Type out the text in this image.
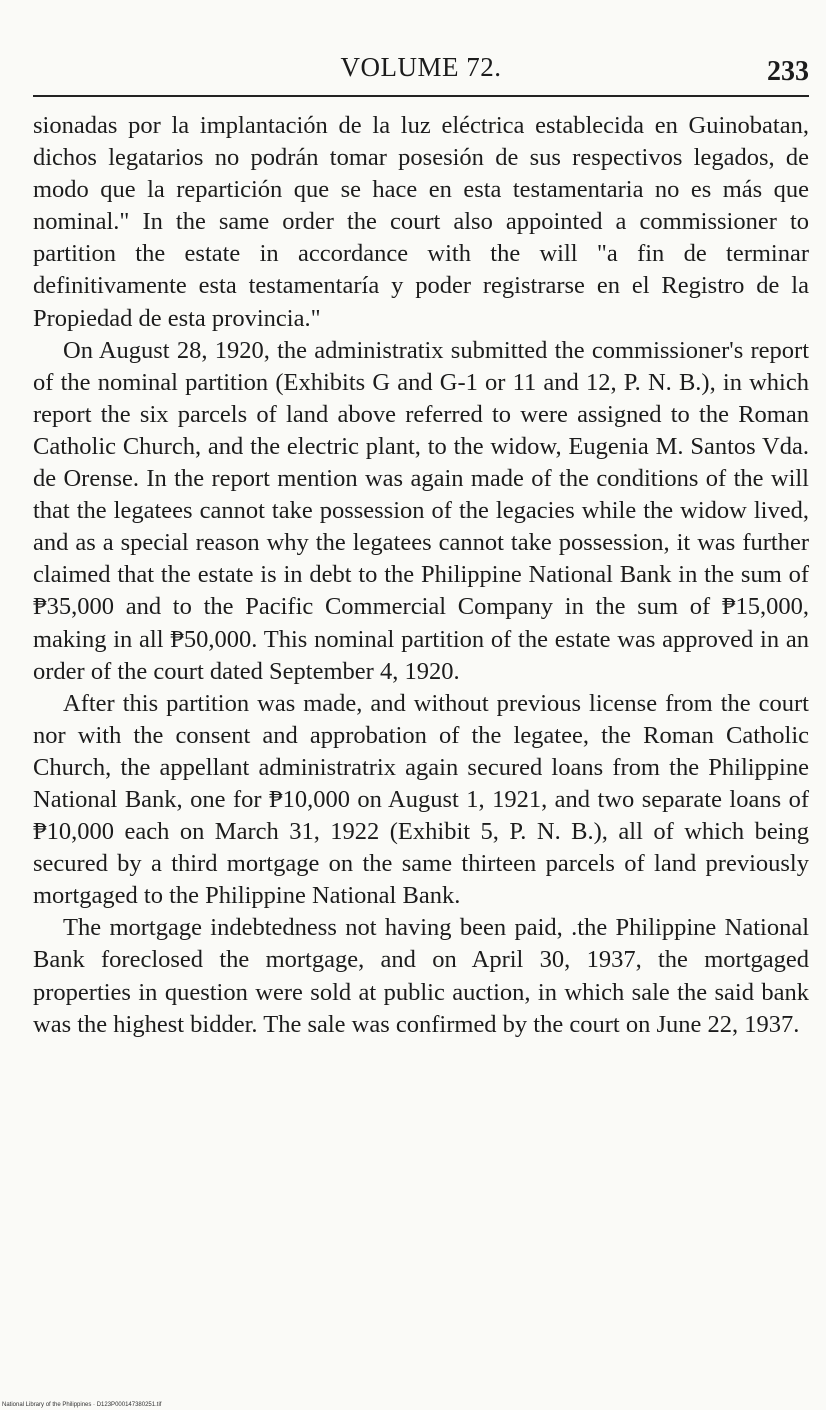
VOLUME 72.	233

sionadas por la implantación de la luz eléctrica establecida en Guinobatan, dichos legatarios no podrán tomar posesión de sus respectivos legados, de modo que la repartición que se hace en esta testamentaria no es más que nominal." In the same order the court also appointed a commissioner to partition the estate in accordance with the will "a fin de terminar definitivamente esta testamentaría y poder registrarse en el Registro de la Propiedad de esta provincia."

On August 28, 1920, the administratix submitted the commissioner's report of the nominal partition (Exhibits G and G-1 or 11 and 12, P. N. B.), in which report the six parcels of land above referred to were assigned to the Roman Catholic Church, and the electric plant, to the widow, Eugenia M. Santos Vda. de Orense. In the report mention was again made of the conditions of the will that the legatees cannot take possession of the legacies while the widow lived, and as a special reason why the legatees cannot take possession, it was further claimed that the estate is in debt to the Philippine National Bank in the sum of ₱35,000 and to the Pacific Commercial Company in the sum of ₱15,000, making in all ₱50,000. This nominal partition of the estate was approved in an order of the court dated September 4, 1920.

After this partition was made, and without previous license from the court nor with the consent and approbation of the legatee, the Roman Catholic Church, the appellant administratrix again secured loans from the Philippine National Bank, one for ₱10,000 on August 1, 1921, and two separate loans of ₱10,000 each on March 31, 1922 (Exhibit 5, P. N. B.), all of which being secured by a third mortgage on the same thirteen parcels of land previously mortgaged to the Philippine National Bank.

The mortgage indebtedness not having been paid, .the Philippine National Bank foreclosed the mortgage, and on April 30, 1937, the mortgaged properties in question were sold at public auction, in which sale the said bank was the highest bidder. The sale was confirmed by the court on June 22, 1937.

National Library of the Philippines · D123P000147380251.tif
